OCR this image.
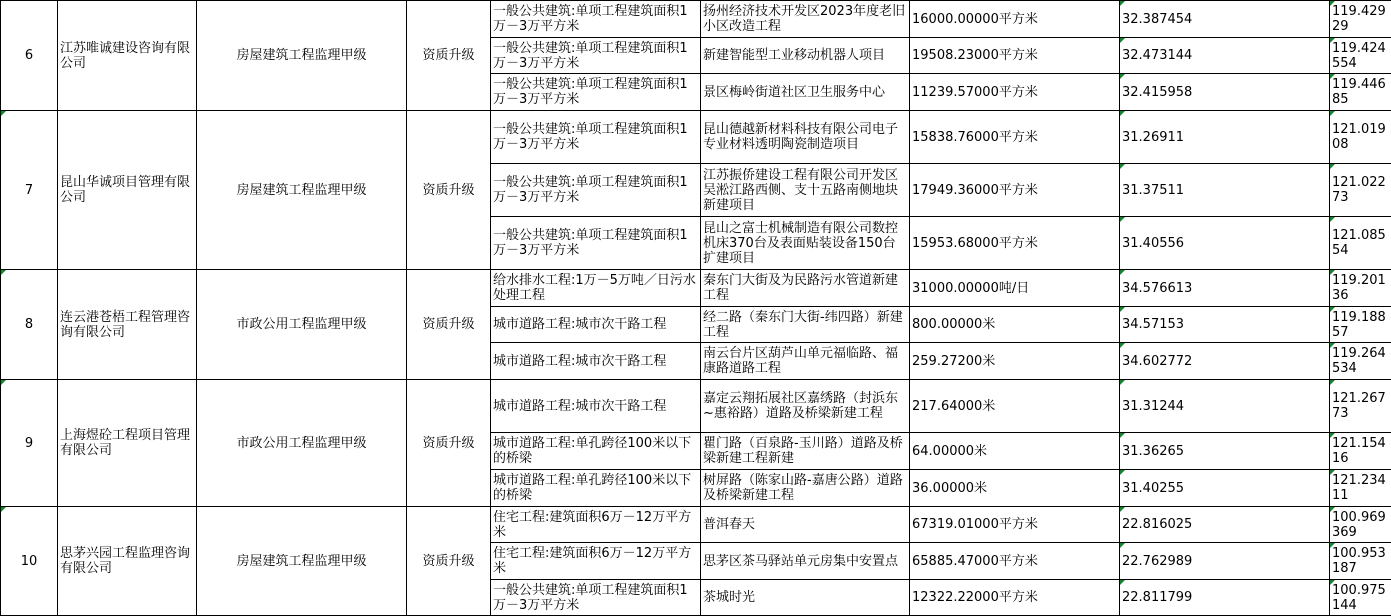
6	江苏唯诚建设咨询有限公司	房屋建筑工程监理甲级	资质升级	一般公共建筑:单项工程建筑面积1万－3万平方米	扬州经济技术开发区2023年度老旧小区改造工程	16000.00000平方米	32.387454	119.42929
				一般公共建筑:单项工程建筑面积1万－3万平方米	新建智能型工业移动机器人项目	19508.23000平方米	32.473144	119.424554
				一般公共建筑:单项工程建筑面积1万－3万平方米	景区梅岭街道社区卫生服务中心	11239.57000平方米	32.415958	119.44685
7	昆山华诚项目管理有限公司	房屋建筑工程监理甲级	资质升级	一般公共建筑:单项工程建筑面积1万－3万平方米	昆山德越新材料科技有限公司电子专业材料透明陶瓷制造项目	15838.76000平方米	31.26911	121.01908
				一般公共建筑:单项工程建筑面积1万－3万平方米	江苏振侨建设工程有限公司开发区吴淞江路西侧、支十五路南侧地块新建项目	17949.36000平方米	31.37511	121.02273
				一般公共建筑:单项工程建筑面积1万－3万平方米	昆山之富士机械制造有限公司数控机床370台及表面贴装设备150台扩建项目	15953.68000平方米	31.40556	121.08554
8	连云港苍梧工程管理咨询有限公司	市政公用工程监理甲级	资质升级	给水排水工程:1万－5万吨／日污水处理工程	秦东门大街及为民路污水管道新建工程	31000.00000吨/日	34.576613	119.20136
				城市道路工程:城市次干路工程	经二路（秦东门大街-纬四路）新建工程	800.00000米	34.57153	119.18857
				城市道路工程:城市次干路工程	南云台片区葫芦山单元福临路、福康路道路工程	259.27200米	34.602772	119.264534
9	上海煜砼工程项目管理有限公司	市政公用工程监理甲级	资质升级	城市道路工程:城市次干路工程	嘉定云翔拓展社区嘉绣路（封浜东~惠裕路）道路及桥梁新建工程	217.64000米	31.31244	121.26773
				城市道路工程:单孔跨径100米以下的桥梁	瞿门路（百泉路-玉川路）道路及桥梁新建工程新建	64.00000米	31.36265	121.15416
				城市道路工程:单孔跨径100米以下的桥梁	树屏路（陈家山路-嘉唐公路）道路及桥梁新建工程	36.00000米	31.40255	121.23411
10	思茅兴园工程监理咨询有限公司	房屋建筑工程监理甲级	资质升级	住宅工程:建筑面积6万－12万平方米	普洱春天	67319.01000平方米	22.816025	100.969369
				住宅工程:建筑面积6万－12万平方米	思茅区茶马驿站单元房集中安置点	65885.47000平方米	22.762989	100.953187
				一般公共建筑:单项工程建筑面积1万－3万平方米	茶城时光	12322.22000平方米	22.811799	100.975144
